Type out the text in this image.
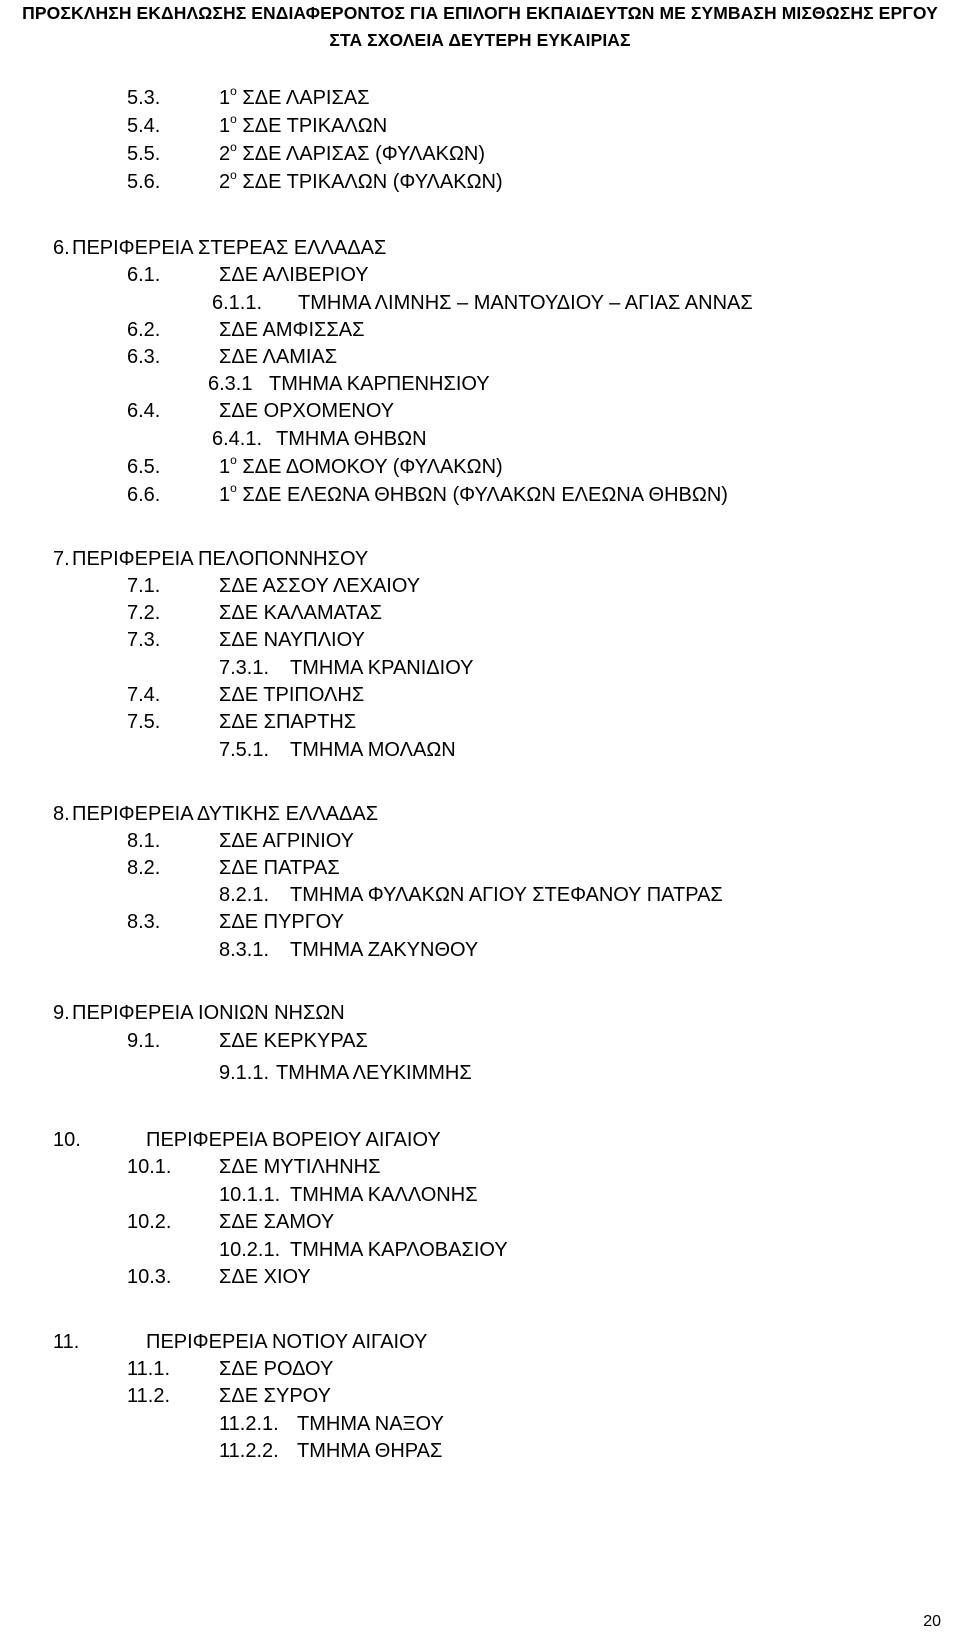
ΠΡΟΣΚΛΗΣΗ ΕΚΔΗΛΩΣΗΣ ΕΝΔΙΑΦΕΡΟΝΤΟΣ ΓΙΑ ΕΠΙΛΟΓΗ ΕΚΠΑΙΔΕΥΤΩΝ ΜΕ ΣΥΜΒΑΣΗ ΜΙΣΘΩΣΗΣ ΕΡΓΟΥ
ΣΤΑ ΣΧΟΛΕΙΑ ΔΕΥΤΕΡΗ ΕΥΚΑΙΡΙΑΣ
5.3.	$1^o$ ΣΔΕ ΛΑΡΙΣΑΣ
5.4.	$1^o$ ΣΔΕ ΤΡΙΚΑΛΩΝ
5.5.	$2^o$ ΣΔΕ ΛΑΡΙΣΑΣ (ΦΥΛΑΚΩΝ)
5.6.	$2^o$ ΣΔΕ ΤΡΙΚΑΛΩΝ (ΦΥΛΑΚΩΝ)
6. ΠΕΡΙΦΕΡΕΙΑ ΣΤΕΡΕΑΣ ΕΛΛΑΔΑΣ
6.1.	ΣΔΕ ΑΛΙΒΕΡΙΟΥ
6.1.1. ΤΜΗΜΑ ΛΙΜΝΗΣ – ΜΑΝΤΟΥΔΙΟΥ – ΑΓΙΑΣ ΑΝΝΑΣ
6.2.	ΣΔΕ ΑΜΦΙΣΣΑΣ
6.3.	ΣΔΕ ΛΑΜΙΑΣ
6.3.1 ΤΜΗΜΑ ΚΑΡΠΕΝΗΣΙΟΥ
6.4.	ΣΔΕ ΟΡΧΟΜΕΝΟΥ
6.4.1. ΤΜΗΜΑ ΘΗΒΩΝ
6.5.	$1^o$ ΣΔΕ ΔΟΜΟΚΟΥ (ΦΥΛΑΚΩΝ)
6.6.	$1^o$ ΣΔΕ ΕΛΕΩΝΑ ΘΗΒΩΝ (ΦΥΛΑΚΩΝ ΕΛΕΩΝΑ ΘΗΒΩΝ)
7. ΠΕΡΙΦΕΡΕΙΑ ΠΕΛΟΠΟΝΝΗΣΟΥ
7.1.	ΣΔΕ ΑΣΣΟΥ ΛΕΧΑΙΟΥ
7.2.	ΣΔΕ ΚΑΛΑΜΑΤΑΣ
7.3.	ΣΔΕ ΝΑΥΠΛΙΟΥ
7.3.1. ΤΜΗΜΑ ΚΡΑΝΙΔΙΟΥ
7.4.	ΣΔΕ ΤΡΙΠΟΛΗΣ
7.5.	ΣΔΕ ΣΠΑΡΤΗΣ
7.5.1. ΤΜΗΜΑ ΜΟΛΑΩΝ
8. ΠΕΡΙΦΕΡΕΙΑ ΔΥΤΙΚΗΣ ΕΛΛΑΔΑΣ
8.1.	ΣΔΕ ΑΓΡΙΝΙΟΥ
8.2.	ΣΔΕ ΠΑΤΡΑΣ
8.2.1. ΤΜΗΜΑ ΦΥΛΑΚΩΝ ΑΓΙΟΥ ΣΤΕΦΑΝΟΥ ΠΑΤΡΑΣ
8.3.	ΣΔΕ ΠΥΡΓΟΥ
8.3.1. ΤΜΗΜΑ ΖΑΚΥΝΘΟΥ
9. ΠΕΡΙΦΕΡΕΙΑ ΙΟΝΙΩΝ ΝΗΣΩΝ
9.1.	ΣΔΕ ΚΕΡΚΥΡΑΣ
9.1.1. ΤΜΗΜΑ ΛΕΥΚΙΜΜΗΣ
10.	ΠΕΡΙΦΕΡΕΙΑ ΒΟΡΕΙΟΥ ΑΙΓΑΙΟΥ
10.1. ΣΔΕ ΜΥΤΙΛΗΝΗΣ
10.1.1. ΤΜΗΜΑ ΚΑΛΛΟΝΗΣ
10.2. ΣΔΕ ΣΑΜΟΥ
10.2.1. ΤΜΗΜΑ ΚΑΡΛΟΒΑΣΙΟΥ
10.3. ΣΔΕ ΧΙΟΥ
11.	ΠΕΡΙΦΕΡΕΙΑ ΝΟΤΙΟΥ ΑΙΓΑΙΟΥ
11.1. ΣΔΕ ΡΟΔΟΥ
11.2. ΣΔΕ ΣΥΡΟΥ
11.2.1. ΤΜΗΜΑ ΝΑΞΟΥ
11.2.2. ΤΜΗΜΑ ΘΗΡΑΣ
20
